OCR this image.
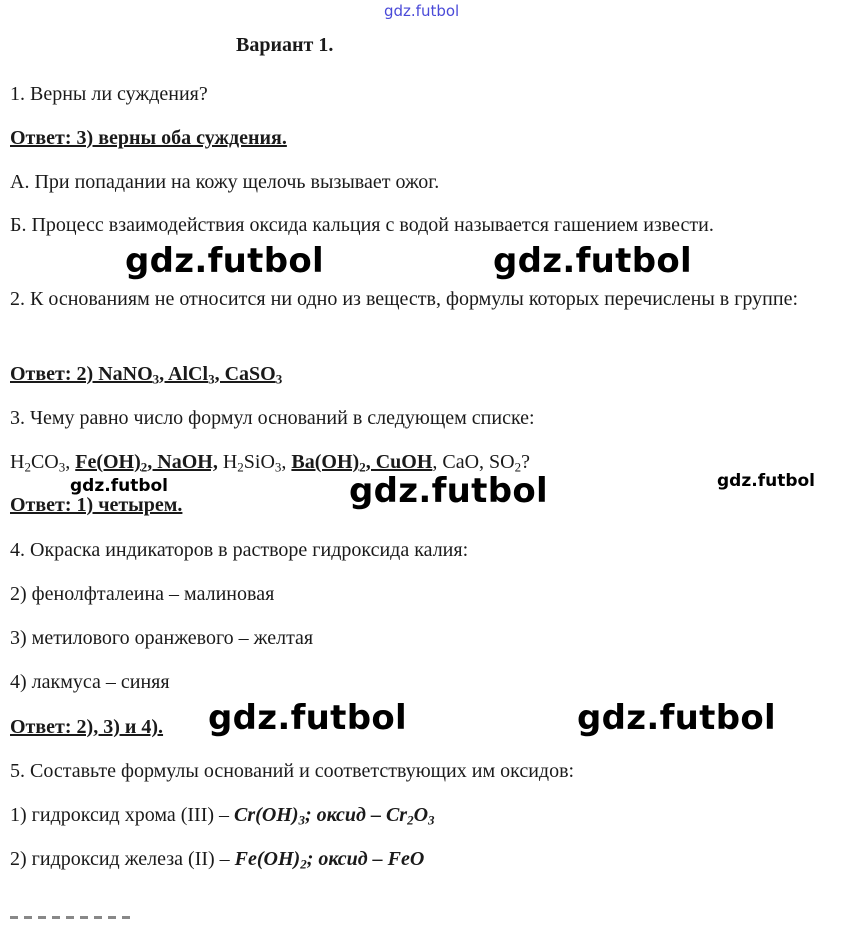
gdz.futbol
Вариант 1.
1. Верны ли суждения?
Ответ: 3) верны оба суждения.
А. При попадании на кожу щелочь вызывает ожог.
Б. Процесс взаимодействия оксида кальция с водой называется гашением извести.
2. К основаниям не относится ни одно из веществ, формулы которых перечислены в группе:
Ответ: 2) NaNO$_3$, AlCl$_3$, CaSO$_3$
3. Чему равно число формул оснований в следующем списке:
$H_2CO_3$, $Fe(OH)_2$, NaOH, $H_2SiO_3$, $Ba(OH)_2$, CuOH, CaO, $SO_2$?
Ответ: 1) четырем.
4. Окраска индикаторов в растворе гидроксида калия:
2) фенолфталеина – малиновая
3) метилового оранжевого – желтая
4) лакмуса – синяя
Ответ: 2), 3) и 4).
5. Составьте формулы оснований и соответствующих им оксидов:
1) гидроксид хрома $(III) - Cr(OH)_3$; оксид – $Cr_2O_3$
2) гидроксид железа $(II) - Fe(OH)_2$; оксид – FeO
gdz.futbol	gdz.futbol
gdz.futbol	gdz.futbol	gdz.futbol
gdz.futbol	gdz.futbol
